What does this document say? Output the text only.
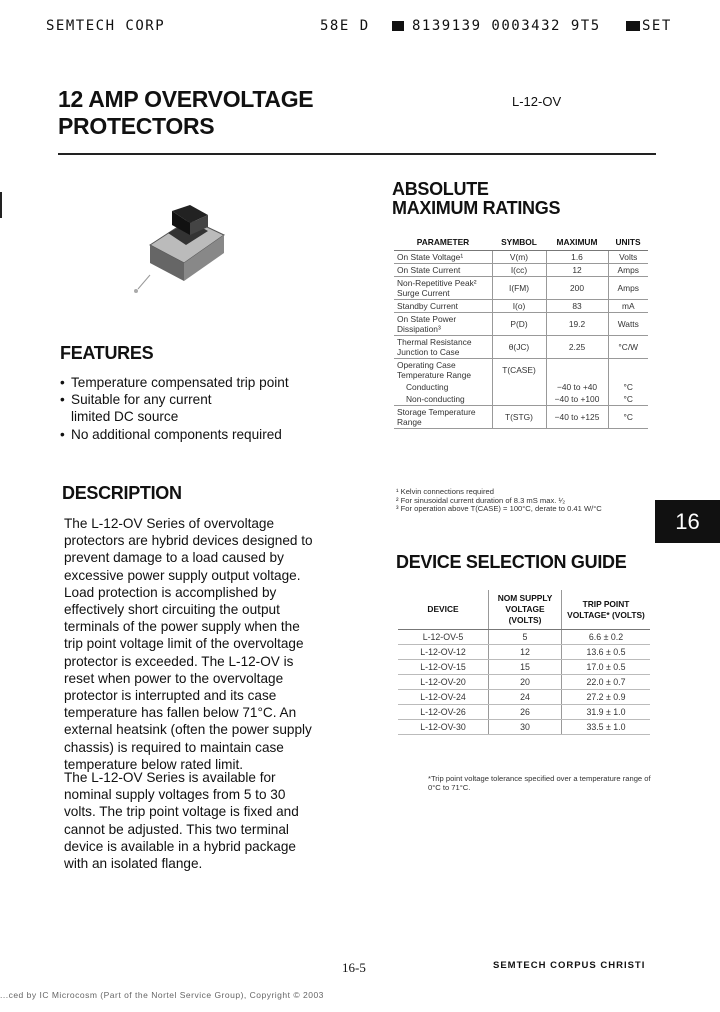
SEMTECH CORP	58E D	8139139 0003432 9T5	SET
12 AMP OVERVOLTAGE
PROTECTORS
L-12-OV
FEATURES
• Temperature compensated trip point
• Suitable for any current limited DC source
• No additional components required
DESCRIPTION
The L-12-OV Series of overvoltage protectors are hybrid devices designed to prevent damage to a load caused by excessive power supply output voltage. Load protection is accomplished by effectively short circuiting the output terminals of the power supply when the trip point voltage limit of the overvoltage protector is exceeded. The L-12-OV is reset when power to the overvoltage protector is interrupted and its case temperature has fallen below 71°C. An external heatsink (often the power supply chassis) is required to maintain case temperature below rated limit.
The L-12-OV Series is available for nominal supply voltages from 5 to 30 volts. The trip point voltage is fixed and cannot be adjusted. This two terminal device is available in a hybrid package with an isolated flange.
ABSOLUTE
MAXIMUM RATINGS
PARAMETER	SYMBOL	MAXIMUM	UNITS
On State Voltage¹	V(m)	1.6	Volts
On State Current	I(cc)	12	Amps
Non-Repetitive Peak² Surge Current	I(FM)	200	Amps
Standby Current	I(o)	83	mA
On State Power Dissipation³	P(D)	19.2	Watts
Thermal Resistance Junction to Case	θ(JC)	2.25	°C/W
Operating Case Temperature Range	T(CASE)		
Conducting		−40 to +40	°C
Non-conducting		−40 to +100	°C
Storage Temperature Range	T(STG)	−40 to +125	°C
¹ Kelvin connections required
² For sinusoidal current duration of 8.3 mS max. ¹⁄₂
³ For operation above T(CASE) = 100°C, derate to 0.41 W/°C
16
DEVICE SELECTION GUIDE
DEVICE	NOM SUPPLY VOLTAGE (VOLTS)	TRIP POINT VOLTAGE* (VOLTS)
L-12-OV-5	5	6.6 ± 0.2
L-12-OV-12	12	13.6 ± 0.5
L-12-OV-15	15	17.0 ± 0.5
L-12-OV-20	20	22.0 ± 0.7
L-12-OV-24	24	27.2 ± 0.9
L-12-OV-26	26	31.9 ± 1.0
L-12-OV-30	30	33.5 ± 1.0
*Trip point voltage tolerance specified over a temperature range of 0°C to 71°C.
16-5	SEMTECH CORPUS CHRISTI
...ced by IC Microcosm (Part of the Nortel Service Group), Copyright © 2003
